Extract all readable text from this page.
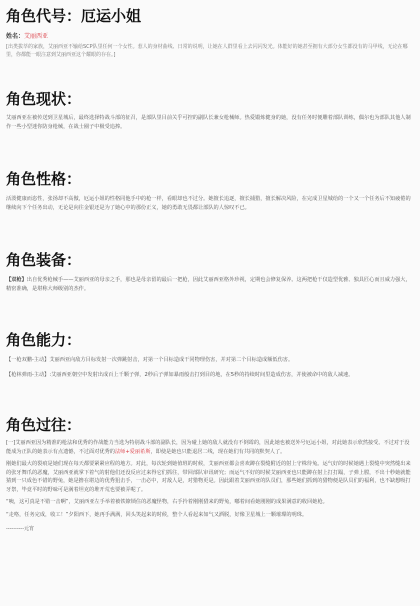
角色代号：厄运小姐
姓名：艾丽西亚
[出类拔萃的家族，艾丽西亚不输给SCP队里任何一个女性。惹人的身材曲线、日常的说明，让她在人群里看上去闪闪发光。体能好的她甚至拥有大部分女生都没有的马甲线，无论在哪里，你都能一眼注意到艾丽西亚这个耀眼的存在。]
角色现状：

艾丽西亚在被传送到卫星城后，最终选择特战斗部的征召，是部队里目前关乎可控的副队长兼女枪械师。热爱锻炼健身的她，没有任务时便雕着部队训练，偶尔也为部队其他人制作一些小型迷你防身枪械，在战士圈子中极受追捧。

角色性格：

活泼健康而恣性，张扬却不高傲，厄运小姐的性格同他手中的枪一样，看眼却也不过分。她擅长追逐，擅长捕猎，擅长解决风险，在完成卫星城给的一个又一个任务后不知疲倦的继续向下个任务出动，无论是向往金银还是为了她心中的那份正义，她的勇敢无畏都让部队的人惊叹不已。

角色装备：

【双枪】出自优秀枪械手——艾丽西亚的母亲之手，那也是母亲留的最后一把枪，因此艾丽西亚格外珍视，定期也会修复保养。这两把枪干仅造型优雅、独具匠心而且威力强大，精密准确，是堪称大师级别的杰作。

角色能力：

【一枪双鹏-主动】艾丽西亚向敌方目标发射一次弹跳射击，对第一个目标造成干同物理伤害，并对第二个目标造成额低伤害。

【枪林弹雨-主动】:艾丽西亚朝空中发射出成百上千颗子弹，2秒后子弹如暴雨般击打到目的地，在5秒的持续时间里造成伤害，并使被命中的敌人减速。

角色过往：

[一]艾丽西亚因为精准的枪法和优秀的作战能力当选为特别战斗部的副队长，因为碰上她的敌人就没有不倒霉的，因此她也被送外号厄运小姐，对此她表示欣然接受。不过对于没能成为正队的她表示有点遗憾，不过面对优秀的法师+爱丽希斯，即使是她也只能退居二线，现在她们有共同的默契人了。

刚她们最大的裂痕是她们现在每天都要紧紧应程的地方。对此，每次轮到她值班的时候，艾丽西亚都会喜欢蹲在裂缝附近的射上守株待兔。运气好的时候她遇上裂缝中突然缝出来的张牙舞爪的恶魔，艾丽西亚就掌下着气的射他们还没反应过来得它们抓往，带回部队审讯研究；而运气不好的时候艾丽西亚也只能蹲在射上打打蹋，子弹上膛，不出十秒她就能猜到一只成色不错的野兔，她是撸在堪边的优秀狙击手，一击必中，对敌人是，对猎物更是。因此跟着艾丽西亚的队员们，那些她们抓到的猎物便是队员们的福利，也不缺想吸打牙祭，毕竟平时的野味可是满着坦克的堆开荒也要被弄呢了。

“咦，这可真是不错一击啊”，艾丽西亚左手举着被铁镣锁住的恶魔怪物，右手拎着刚刚猎来的野兔，嘟着间看她刚刚的成果满意的收回她枪。

“走咯，任务完成，收工！”夕阳西下，她再手满满，回头笑起来的时候，整个人看起来如气又洒脱，好像卫星城上一颗璀璨的明珠。

----------元宵
